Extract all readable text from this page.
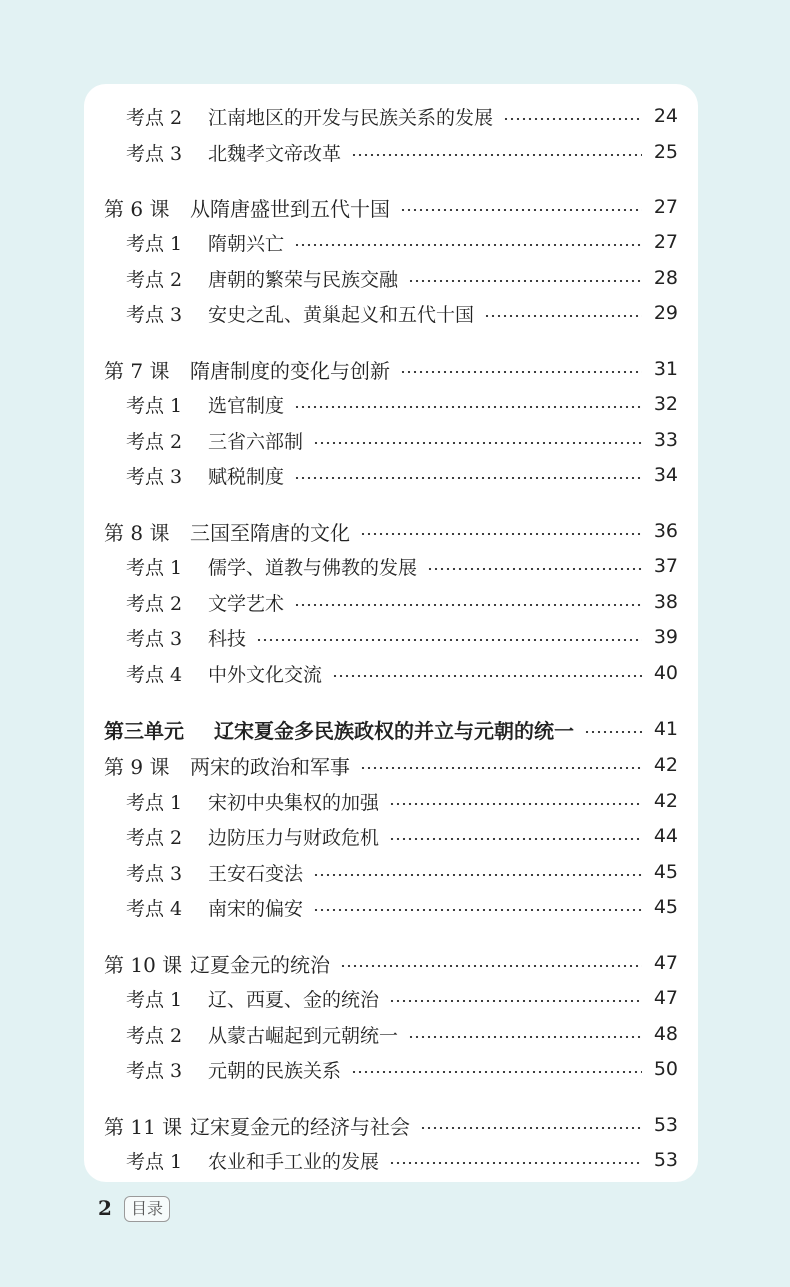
考点 2	江南地区的开发与民族关系的发展	24
考点 3	北魏孝文帝改革	25
第 6 课	从隋唐盛世到五代十国	27
考点 1	隋朝兴亡	27
考点 2	唐朝的繁荣与民族交融	28
考点 3	安史之乱、黄巢起义和五代十国	29
第 7 课	隋唐制度的变化与创新	31
考点 1	选官制度	32
考点 2	三省六部制	33
考点 3	赋税制度	34
第 8 课	三国至隋唐的文化	36
考点 1	儒学、道教与佛教的发展	37
考点 2	文学艺术	38
考点 3	科技	39
考点 4	中外文化交流	40
第三单元	辽宋夏金多民族政权的并立与元朝的统一	41
第 9 课	两宋的政治和军事	42
考点 1	宋初中央集权的加强	42
考点 2	边防压力与财政危机	44
考点 3	王安石变法	45
考点 4	南宋的偏安	45
第 10 课 辽夏金元的统治	47
考点 1	辽、西夏、金的统治	47
考点 2	从蒙古崛起到元朝统一	48
考点 3	元朝的民族关系	50
第 11 课 辽宋夏金元的经济与社会	53
考点 1	农业和手工业的发展	53
2	目录
